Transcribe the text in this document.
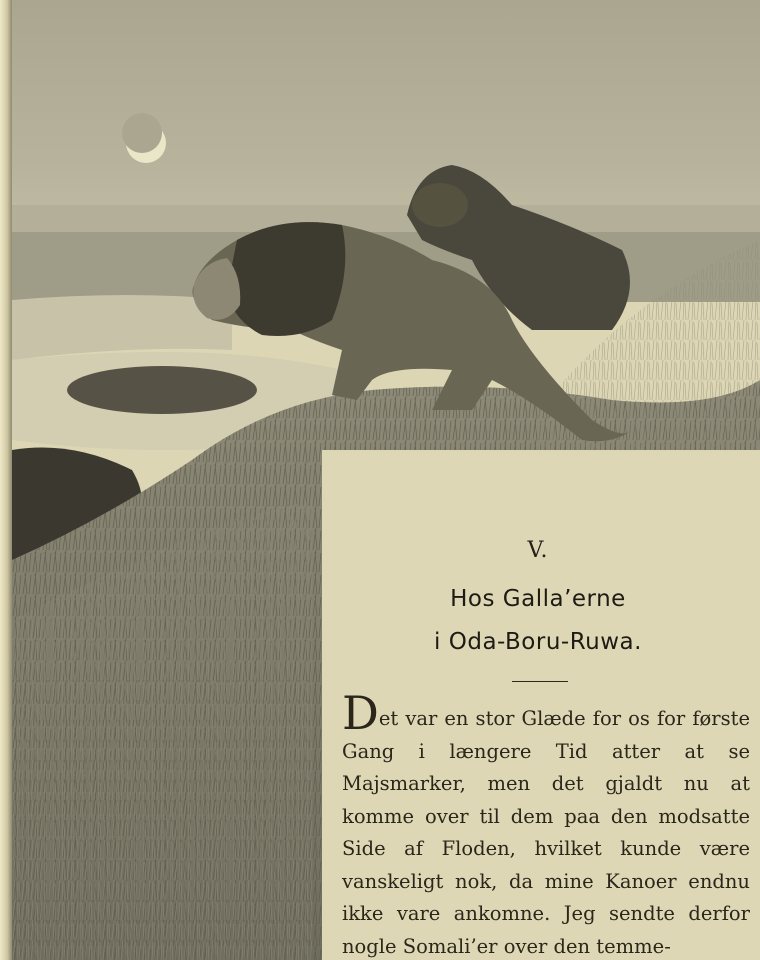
V.
Hos Galla’erne
i Oda-Boru-Ruwa.

Det var en stor Glæde for os for første Gang i længere Tid atter at se Majsmarker, men det gjaldt nu at komme over til dem paa den modsatte Side af Floden, hvilket kunde være vanskeligt nok, da mine Kanoer endnu ikke vare ankomne. Jeg sendte derfor nogle Somali’er over den temme-
